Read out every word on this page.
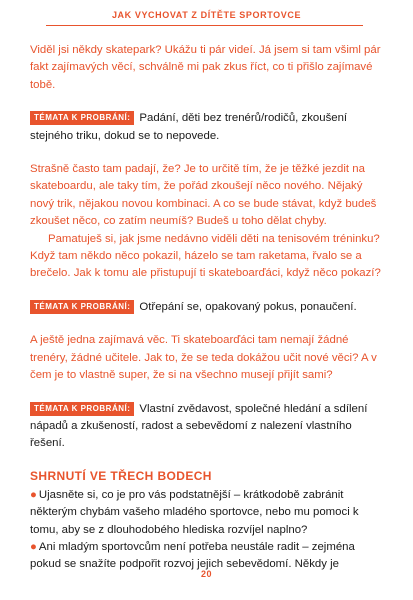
JAK VYCHOVAT Z DÍTĚTE SPORTOVCE

Viděl jsi někdy skatepark? Ukážu ti pár videí. Já jsem si tam všiml pár fakt zajímavých věcí, schválně mi pak zkus říct, co ti přišlo zajímavé tobě.

TÉMATA K PROBRÁNÍ: Padání, děti bez trenérů/rodičů, zkoušení stejného triku, dokud se to nepovede.

Strašně často tam padají, že? Je to určitě tím, že je těžké jezdit na skateboardu, ale taky tím, že pořád zkoušejí něco nového. Nějaký nový trik, nějakou novou kombinaci. A co se bude stávat, když budeš zkoušet něco, co zatím neumíš? Budeš u toho dělat chyby.

Pamatuješ si, jak jsme nedávno viděli děti na tenisovém tréninku? Když tam někdo něco pokazil, házelo se tam raketama, řvalo se a brečelo. Jak k tomu ale přistupují ti skateboarďáci, když něco pokazí?

TÉMATA K PROBRÁNÍ: Otřepání se, opakovaný pokus, ponaučení.

A ještě jedna zajímavá věc. Ti skateboarďáci tam nemají žádné trenéry, žádné učitele. Jak to, že se teda dokážou učit nové věci? A v čem je to vlastně super, že si na všechno musejí přijít sami?

TÉMATA K PROBRÁNÍ: Vlastní zvědavost, společné hledání a sdílení nápadů a zkušeností, radost a sebevědomí z nalezení vlastního řešení.

SHRNUTÍ VE TŘECH BODECH

● Ujasněte si, co je pro vás podstatnější – krátkodobě zabránit některým chybám vašeho mladého sportovce, nebo mu pomoci k tomu, aby se z dlouhodobého hlediska rozvíjel naplno?

● Ani mladým sportovcům není potřeba neustále radit – zejména pokud se snažíte podpořit rozvoj jejich sebevědomí. Někdy je

20
